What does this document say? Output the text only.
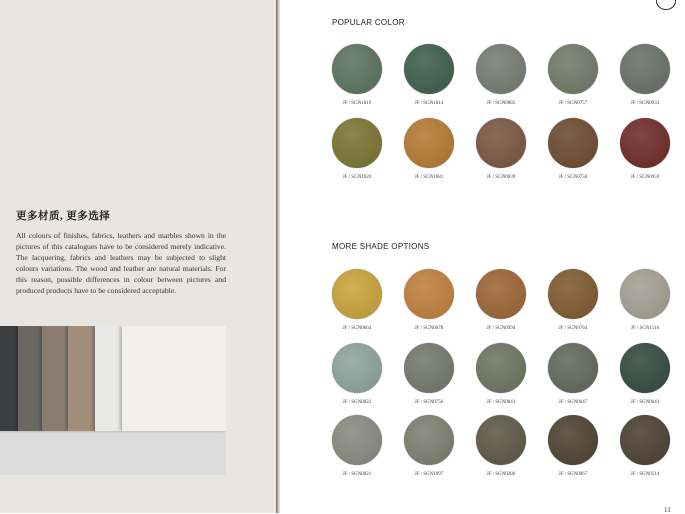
更多材质, 更多选择
All colours of finishes, fabrics, leathers and marbles shown in the pictures of this catalogues have to be considered merely indicative. The lacquering, fabrics and leathers may be subjected to slight colours variations. The wood and leather are natural materials. For this reason, possible differences in colour between pictures and produced products have to be considered acceptable.
POPULAR COLOR
MORE SHADE OPTIONS
JF / SGN1019	JF / SGN1014	JF / SGN0885	JF / SGN0757	JF / SGN0933
JF / SGN1020	JF / SGN1081	JF / SGN0839	JF / SGN0758	JF / SGN0959
JF / SGN0664	JF / SGN0078	JF / SGN0994	JF / SGN0764	JF / SGN1116
JF / SGN0822	JF / SGN0756	JF / SGN0843	JF / SGN0647	JF / SGN0643
JF / SGN0821	JF / SGN1097	JF / SGN0288	JF / SGN0967	JF / SGN0514
11
